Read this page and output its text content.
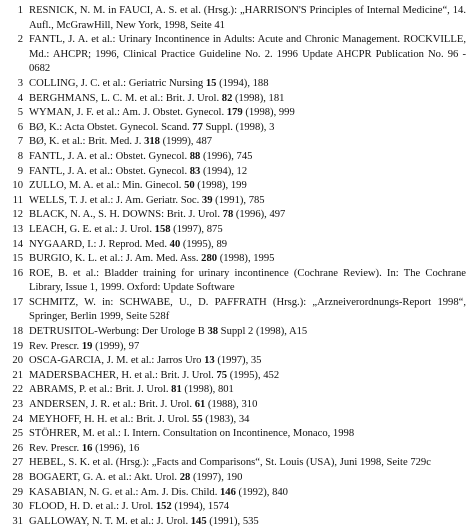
1 RESNICK, N. M. in FAUCI, A. S. et al. (Hrsg.): „HARRISON'S Principles of Internal Medicine“, 14. Aufl., McGrawHill, New York, 1998, Seite 41
2 FANTL, J. A. et al.: Urinary Incontinence in Adults: Acute and Chronic Management. ROCKVILLE, Md.: AHCPR; 1996, Clinical Practice Guideline No. 2. 1996 Update AHCPR Publication No. 96 - 0682
3 COLLING, J. C. et al.: Geriatric Nursing 15 (1994), 188
4 BERGHMANS, L. C. M. et al.: Brit. J. Urol. 82 (1998), 181
5 WYMAN, J. F. et al.: Am. J. Obstet. Gynecol. 179 (1998), 999
6 BØ, K.: Acta Obstet. Gynecol. Scand. 77 Suppl. (1998), 3
7 BØ, K. et al.: Brit. Med. J. 318 (1999), 487
8 FANTL, J. A. et al.: Obstet. Gynecol. 88 (1996), 745
9 FANTL, J. A. et al.: Obstet. Gynecol. 83 (1994), 12
10 ZULLO, M. A. et al.: Min. Ginecol. 50 (1998), 199
11 WELLS, T. J. et al.: J. Am. Geriatr. Soc. 39 (1991), 785
12 BLACK, N. A., S. H. DOWNS: Brit. J. Urol. 78 (1996), 497
13 LEACH, G. E. et al.: J. Urol. 158 (1997), 875
14 NYGAARD, I.: J. Reprod. Med. 40 (1995), 89
15 BURGIO, K. L. et al.: J. Am. Med. Ass. 280 (1998), 1995
16 ROE, B. et al.: Bladder training for urinary incontinence (Cochrane Review). In: The Cochrane Library, Issue 1, 1999. Oxford: Update Software
17 SCHMITZ, W. in: SCHWABE, U., D. PAFFRATH (Hrsg.): „Arzneiverordnungs-Report 1998“, Springer, Berlin 1999, Seite 528f
18 DETRUSITOL-Werbung: Der Urologe B 38 Suppl 2 (1998), A15
19 Rev. Prescr. 19 (1999), 97
20 OSCA-GARCIA, J. M. et al.: Jarros Uro 13 (1997), 35
21 MADERSBACHER, H. et al.: Brit. J. Urol. 75 (1995), 452
22 ABRAMS, P. et al.: Brit. J. Urol. 81 (1998), 801
23 ANDERSEN, J. R. et al.: Brit. J. Urol. 61 (1988), 310
24 MEYHOFF, H. H. et al.: Brit. J. Urol. 55 (1983), 34
25 STÖHRER, M. et al.: I. Intern. Consultation on Incontinence, Monaco, 1998
26 Rev. Prescr. 16 (1996), 16
27 HEBEL, S. K. et al. (Hrsg.): „Facts and Comparisons“, St. Louis (USA), Juni 1998, Seite 729c
28 BOGAERT, G. A. et al.: Akt. Urol. 28 (1997), 190
29 KASABIAN, N. G. et al.: Am. J. Dis. Child. 146 (1992), 840
30 FLOOD, H. D. et al.: J. Urol. 152 (1994), 1574
31 GALLOWAY, N. T. M. et al.: J. Urol. 145 (1991), 535
